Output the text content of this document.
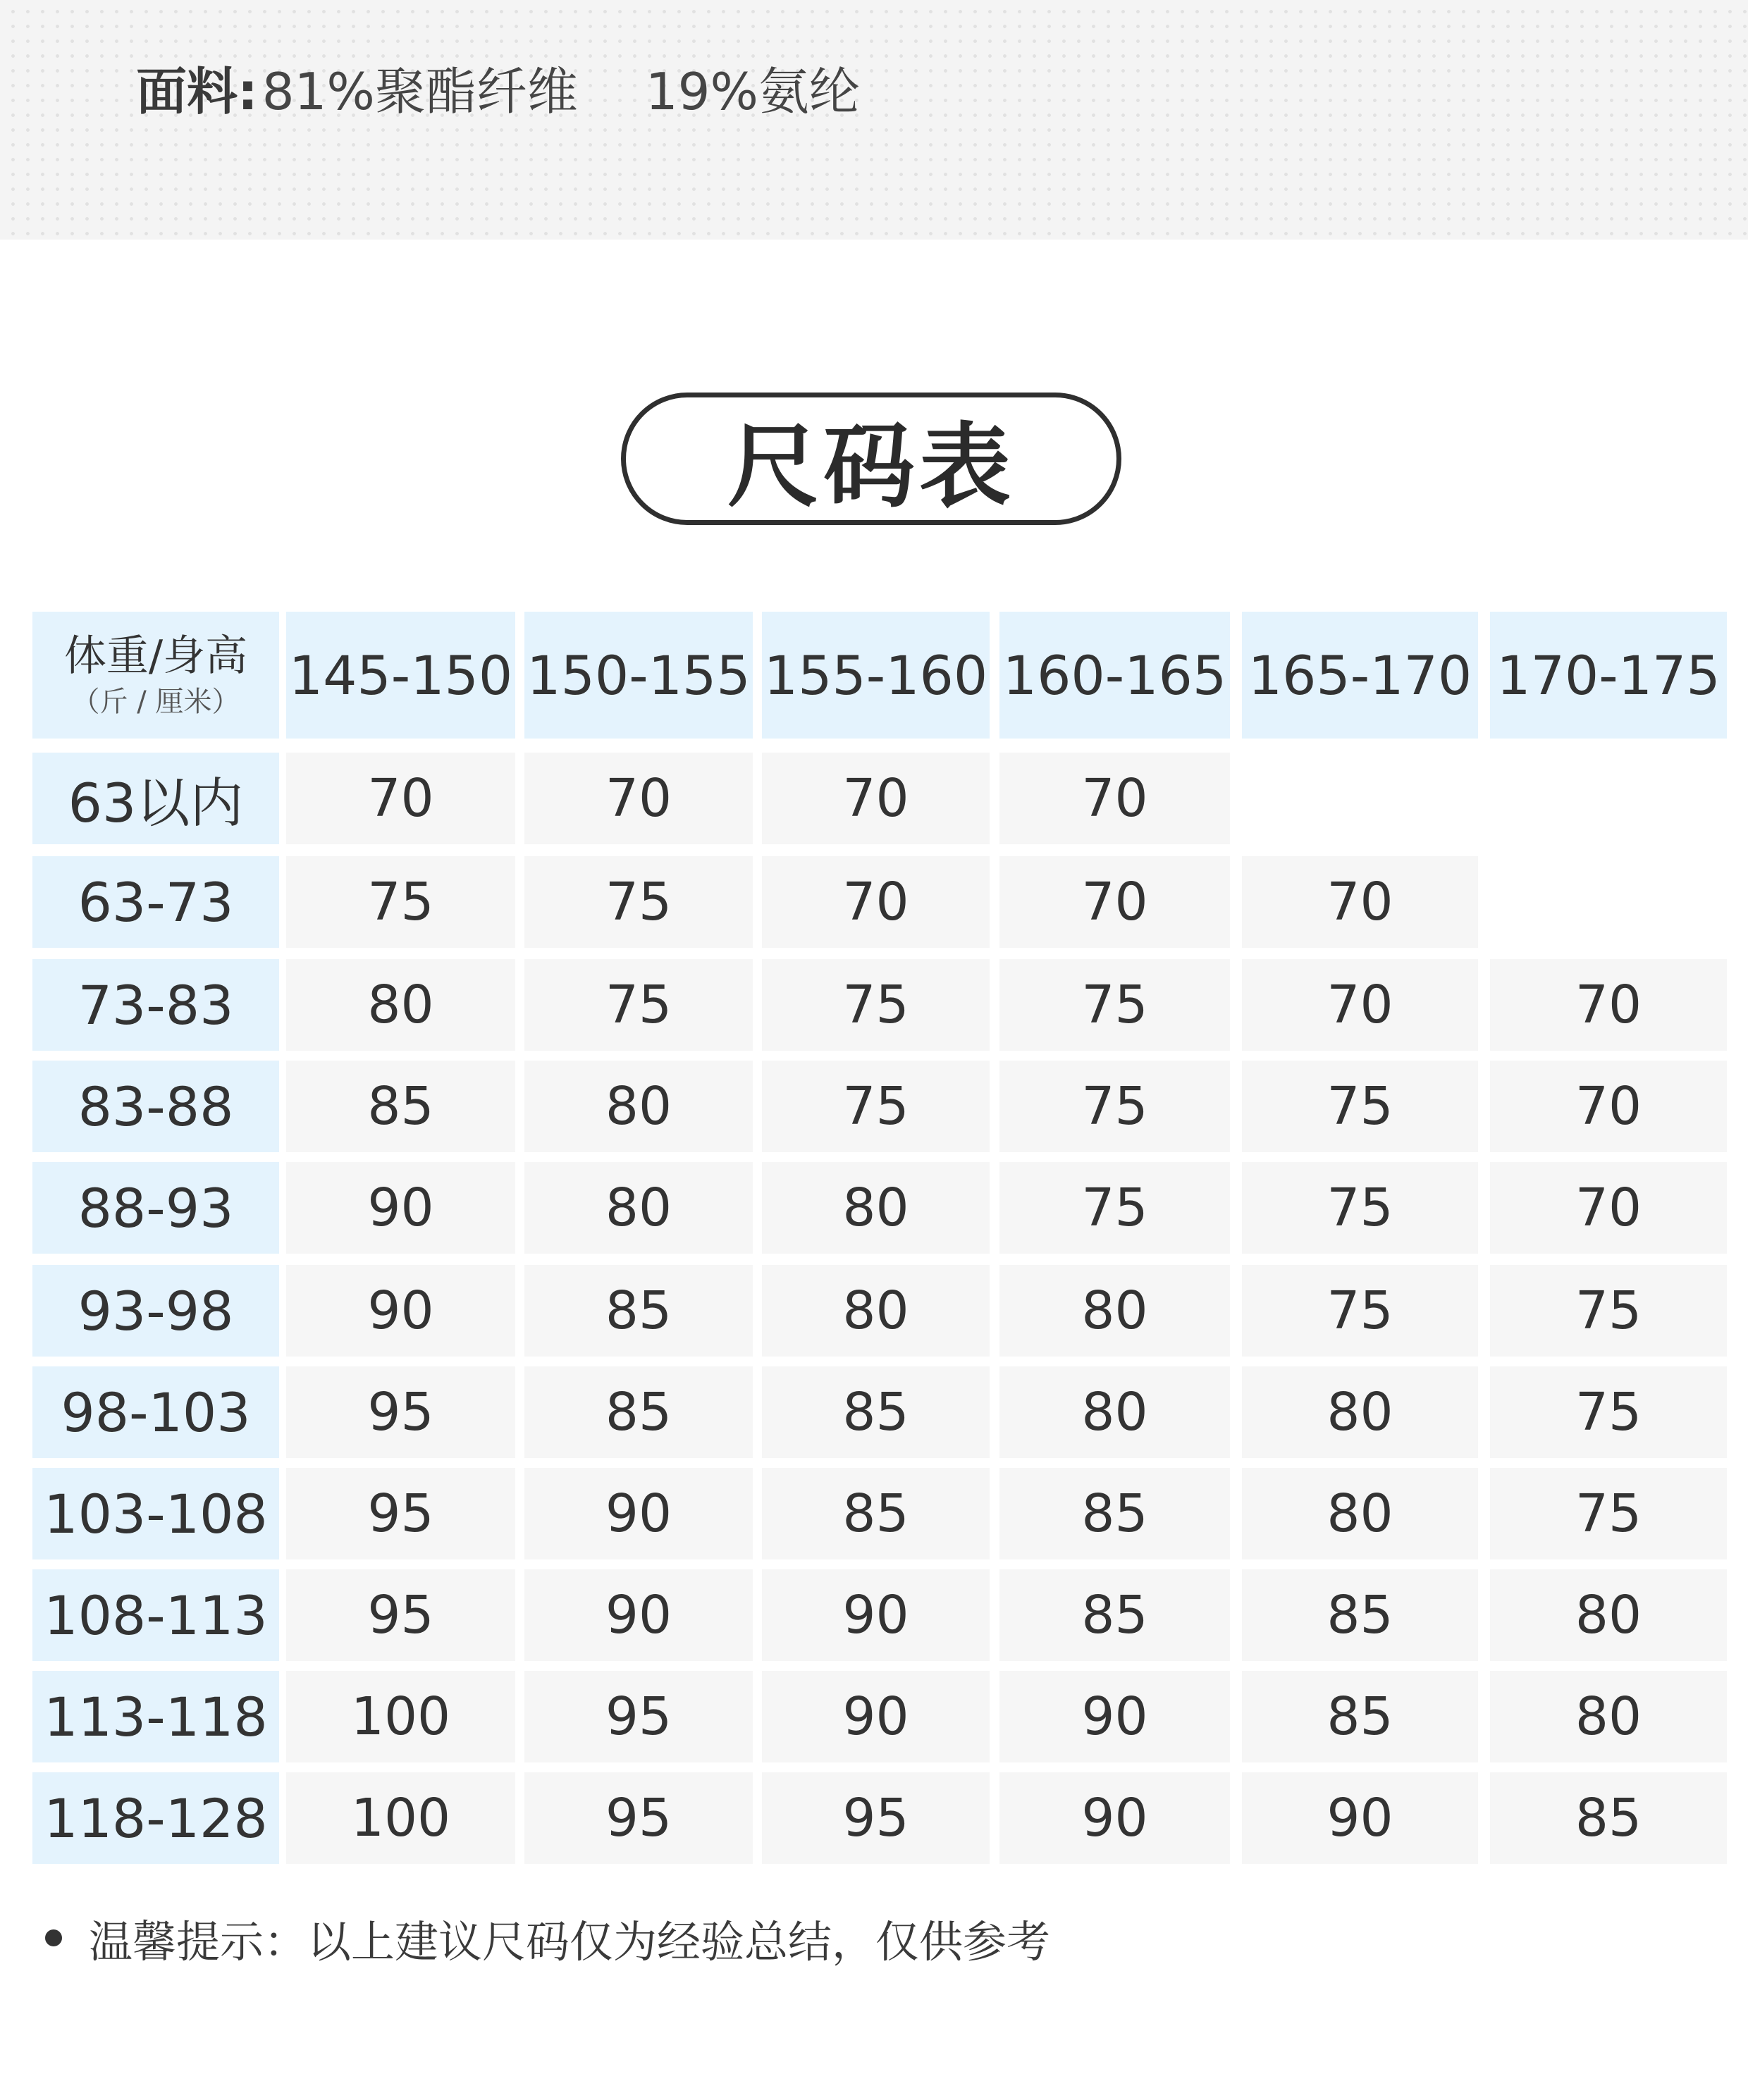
面料:81%聚酯纤维 19%氨纶
尺码表
体重/身高
（斤 / 厘米） 145-150 150-155 155-160 160-165 165-170 170-175
63以内	70	70	70	70
63-73	75	75	70	70	70
73-83	80	75	75	75	70	70
83-88	85	80	75	75	75	70
88-93	90	80	80	75	75	70
93-98	90	85	80	80	75	75
98-103	95	85	85	80	80	75
103-108	95	90	85	85	80	75
108-113	95	90	90	85	85	80
113-118	100	95	90	90	85	80
118-128	100	95	95	90	90	85
温馨提示：以上建议尺码仅为经验总结，仅供参考
